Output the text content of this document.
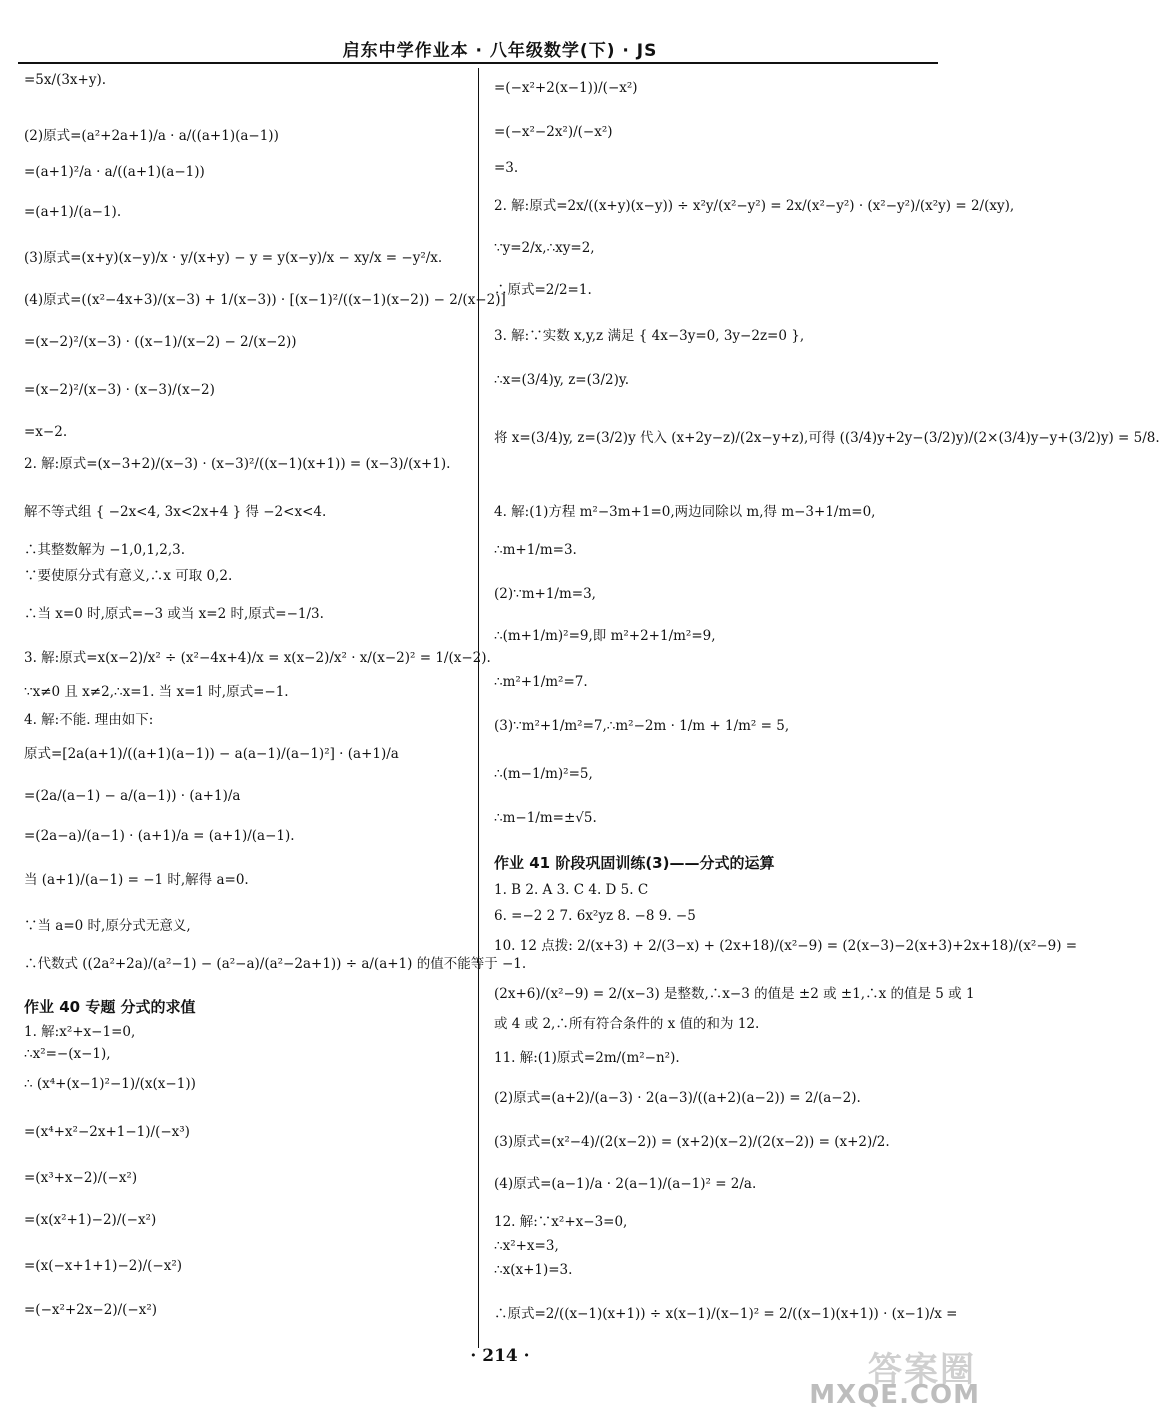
启东中学作业本 · 八年级数学(下) · JS
=5x/(3x+y).
(2)原式=(a²+2a+1)/a · a/((a+1)(a−1))
=(a+1)²/a · a/((a+1)(a−1))
=(a+1)/(a−1).
(3)原式=(x+y)(x−y)/x · y/(x+y) − y = y(x−y)/x − xy/x = −y²/x.
(4)原式=((x²−4x+3)/(x−3) + 1/(x−3)) · [(x−1)²/((x−1)(x−2)) − 2/(x−2)]
=(x−2)²/(x−3) · ((x−1)/(x−2) − 2/(x−2))
=(x−2)²/(x−3) · (x−3)/(x−2)
=x−2.
2. 解:原式=(x−3+2)/(x−3) · (x−3)²/((x−1)(x+1)) = (x−3)/(x+1).
解不等式组 { −2x<4, 3x<2x+4 } 得 −2<x<4.
∴其整数解为 −1,0,1,2,3.
∵要使原分式有意义,∴x 可取 0,2.
∴当 x=0 时,原式=−3 或当 x=2 时,原式=−1/3.
3. 解:原式=x(x−2)/x² ÷ (x²−4x+4)/x = x(x−2)/x² · x/(x−2)² = 1/(x−2).
∵x≠0 且 x≠2,∴x=1. 当 x=1 时,原式=−1.
4. 解:不能. 理由如下:
原式=[2a(a+1)/((a+1)(a−1)) − a(a−1)/(a−1)²] · (a+1)/a
=(2a/(a−1) − a/(a−1)) · (a+1)/a
=(2a−a)/(a−1) · (a+1)/a = (a+1)/(a−1).
当 (a+1)/(a−1) = −1 时,解得 a=0.
∵当 a=0 时,原分式无意义,
∴代数式 ((2a²+2a)/(a²−1) − (a²−a)/(a²−2a+1)) ÷ a/(a+1) 的值不能等于 −1.
作业 40 专题 分式的求值
1. 解:x²+x−1=0,
∴x²=−(x−1),
∴ (x⁴+(x−1)²−1)/(x(x−1))
=(x⁴+x²−2x+1−1)/(−x³)
=(x³+x−2)/(−x²)
=(x(x²+1)−2)/(−x²)
=(x(−x+1+1)−2)/(−x²)
=(−x²+2x−2)/(−x²)
=(−x²+2(x−1))/(−x²)
=(−x²−2x²)/(−x²)
=3.
2. 解:原式=2x/((x+y)(x−y)) ÷ x²y/(x²−y²) = 2x/(x²−y²) · (x²−y²)/(x²y) = 2/(xy),
∵y=2/x,∴xy=2,
∴原式=2/2=1.
3. 解:∵实数 x,y,z 满足 { 4x−3y=0, 3y−2z=0 },
∴x=(3/4)y, z=(3/2)y.
将 x=(3/4)y, z=(3/2)y 代入 (x+2y−z)/(2x−y+z),可得 ((3/4)y+2y−(3/2)y)/(2×(3/4)y−y+(3/2)y) = 5/8.
4. 解:(1)方程 m²−3m+1=0,两边同除以 m,得 m−3+1/m=0,
∴m+1/m=3.
(2)∵m+1/m=3,
∴(m+1/m)²=9,即 m²+2+1/m²=9,
∴m²+1/m²=7.
(3)∵m²+1/m²=7,∴m²−2m · 1/m + 1/m² = 5,
∴(m−1/m)²=5,
∴m−1/m=±√5.
作业 41 阶段巩固训练(3)——分式的运算
1. B 2. A 3. C 4. D 5. C
6. =−2 2 7. 6x²yz 8. −8 9. −5
10. 12 点拨: 2/(x+3) + 2/(3−x) + (2x+18)/(x²−9) = (2(x−3)−2(x+3)+2x+18)/(x²−9) =
(2x+6)/(x²−9) = 2/(x−3) 是整数,∴x−3 的值是 ±2 或 ±1,∴x 的值是 5 或 1
或 4 或 2,∴所有符合条件的 x 值的和为 12.
11. 解:(1)原式=2m/(m²−n²).
(2)原式=(a+2)/(a−3) · 2(a−3)/((a+2)(a−2)) = 2/(a−2).
(3)原式=(x²−4)/(2(x−2)) = (x+2)(x−2)/(2(x−2)) = (x+2)/2.
(4)原式=(a−1)/a · 2(a−1)/(a−1)² = 2/a.
12. 解:∵x²+x−3=0,
∴x²+x=3,
∴x(x+1)=3.
∴原式=2/((x−1)(x+1)) ÷ x(x−1)/(x−1)² = 2/((x−1)(x+1)) · (x−1)/x =
· 214 ·	答案圈
MXQE.COM
